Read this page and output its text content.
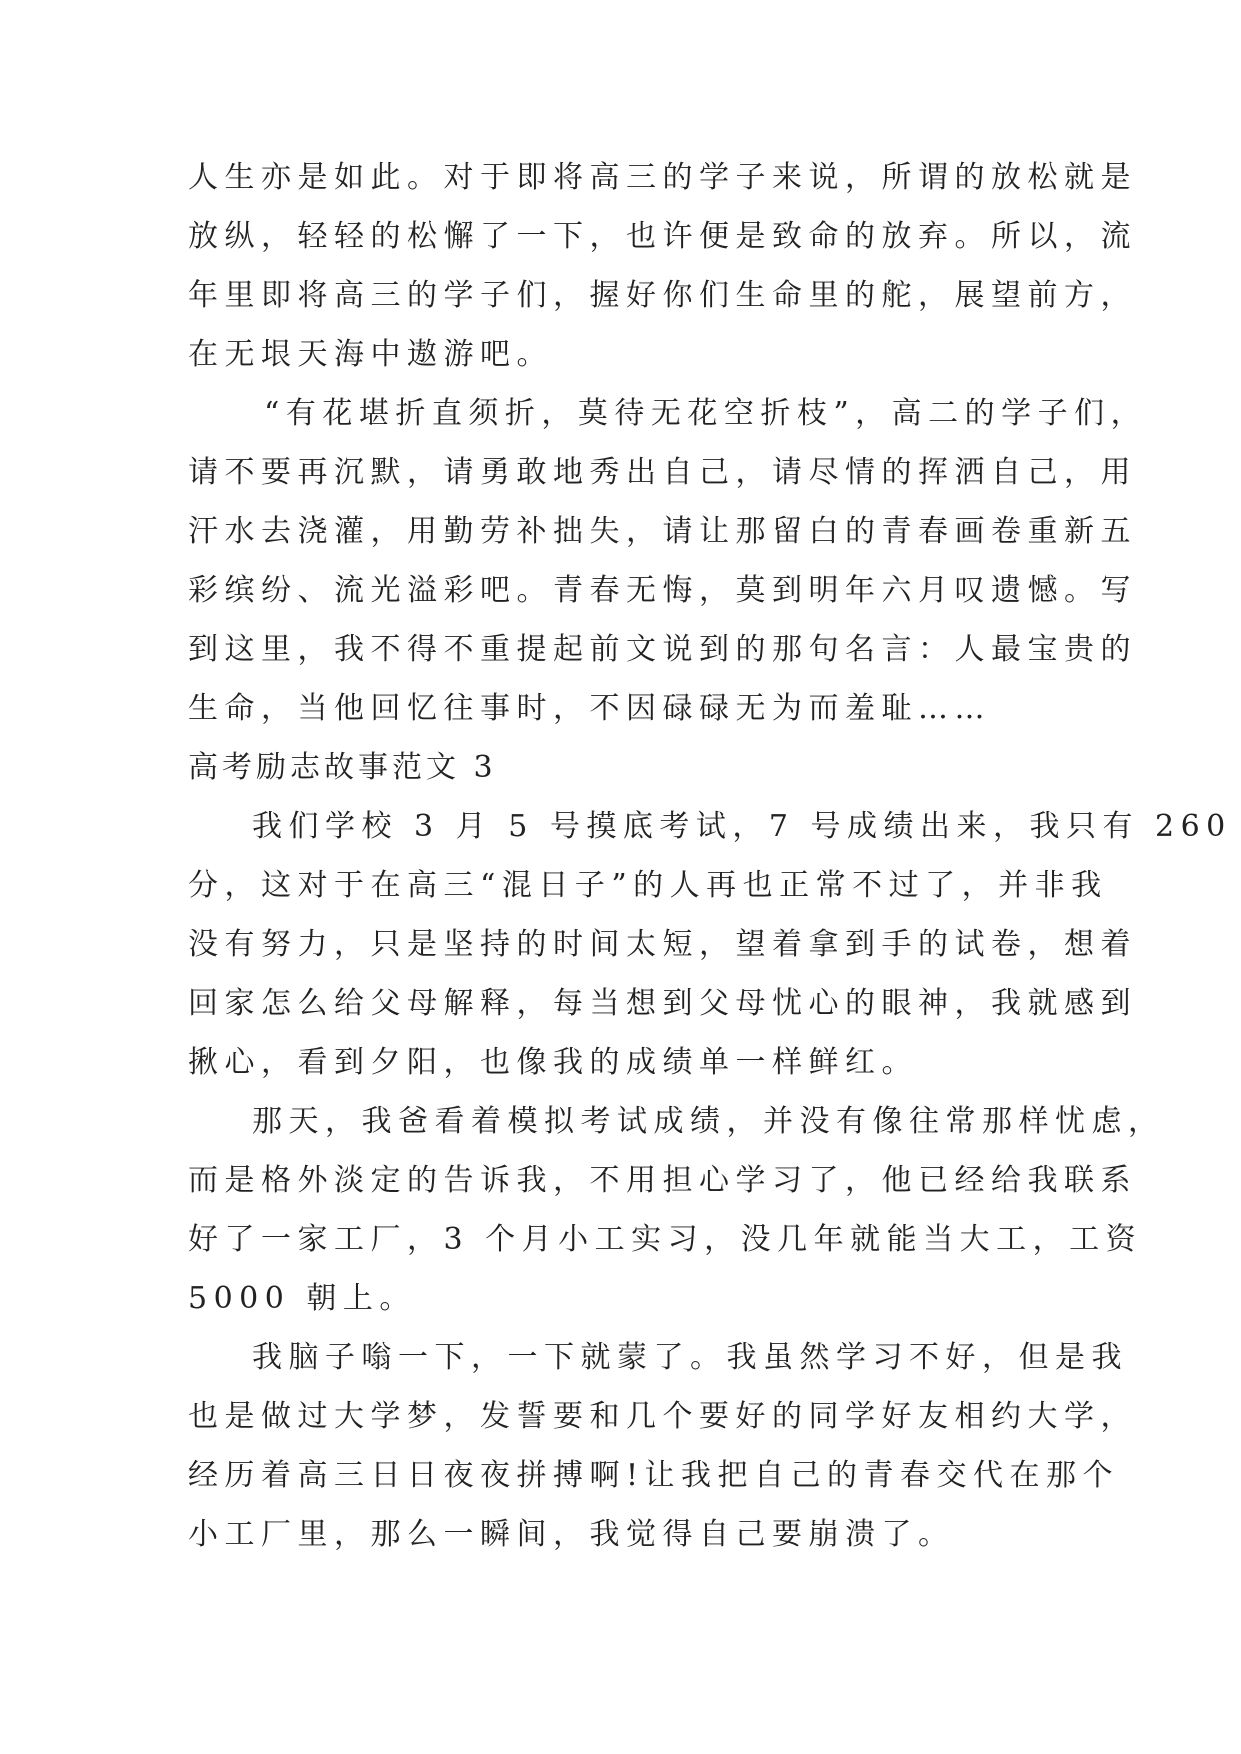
人生亦是如此。对于即将高三的学子来说，所谓的放松就是
放纵，轻轻的松懈了一下，也许便是致命的放弃。所以，流
年里即将高三的学子们，握好你们生命里的舵，展望前方，
在无垠天海中遨游吧。
“有花堪折直须折，莫待无花空折枝”，高二的学子们，
请不要再沉默，请勇敢地秀出自己，请尽情的挥洒自己，用
汗水去浇灌，用勤劳补拙失，请让那留白的青春画卷重新五
彩缤纷、流光溢彩吧。青春无悔，莫到明年六月叹遗憾。写
到这里，我不得不重提起前文说到的那句名言：人最宝贵的
生命，当他回忆往事时，不因碌碌无为而羞耻……
高考励志故事范文 3
我们学校 3 月 5 号摸底考试，7 号成绩出来，我只有 260
分，这对于在高三“混日子”的人再也正常不过了，并非我
没有努力，只是坚持的时间太短，望着拿到手的试卷，想着
回家怎么给父母解释，每当想到父母忧心的眼神，我就感到
揪心，看到夕阳，也像我的成绩单一样鲜红。
那天，我爸看着模拟考试成绩，并没有像往常那样忧虑，
而是格外淡定的告诉我，不用担心学习了，他已经给我联系
好了一家工厂，3 个月小工实习，没几年就能当大工，工资
5000 朝上。
我脑子嗡一下，一下就蒙了。我虽然学习不好，但是我
也是做过大学梦，发誓要和几个要好的同学好友相约大学，
经历着高三日日夜夜拼搏啊!让我把自己的青春交代在那个
小工厂里，那么一瞬间，我觉得自己要崩溃了。
